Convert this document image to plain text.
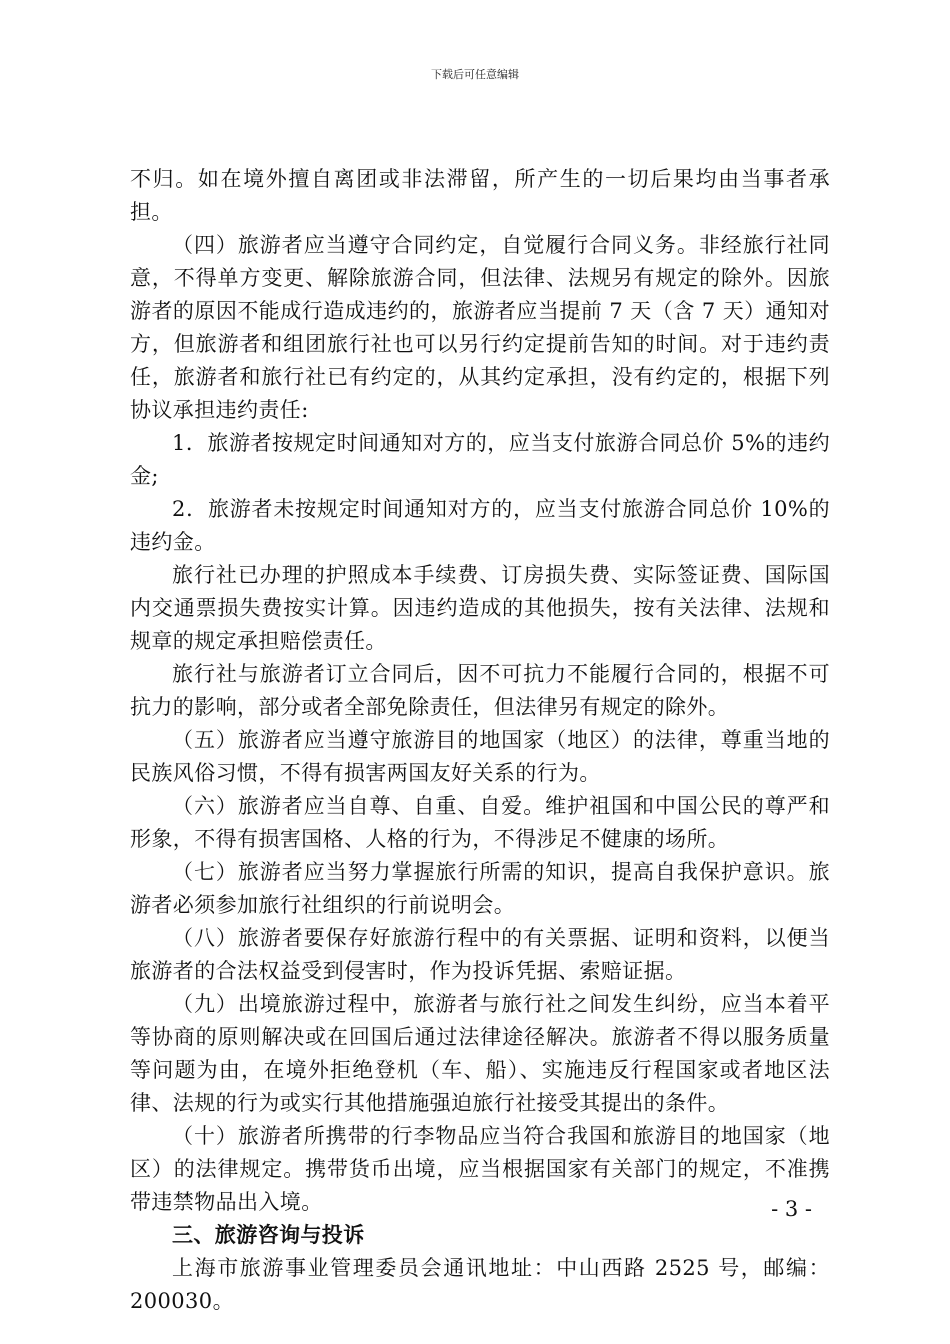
下载后可任意编辑

不归。如在境外擅自离团或非法滞留，所产生的一切后果均由当事者承担。

（四）旅游者应当遵守合同约定，自觉履行合同义务。非经旅行社同意，不得单方变更、解除旅游合同，但法律、法规另有规定的除外。因旅游者的原因不能成行造成违约的，旅游者应当提前 7 天（含 7 天）通知对方，但旅游者和组团旅行社也可以另行约定提前告知的时间。对于违约责任，旅游者和旅行社已有约定的，从其约定承担，没有约定的，根据下列协议承担违约责任:

1．旅游者按规定时间通知对方的，应当支付旅游合同总价 5%的违约金;

2．旅游者未按规定时间通知对方的，应当支付旅游合同总价 10%的违约金。

旅行社已办理的护照成本手续费、订房损失费、实际签证费、国际国内交通票损失费按实计算。因违约造成的其他损失，按有关法律、法规和规章的规定承担赔偿责任。

旅行社与旅游者订立合同后，因不可抗力不能履行合同的，根据不可抗力的影响，部分或者全部免除责任，但法律另有规定的除外。

（五）旅游者应当遵守旅游目的地国家（地区）的法律，尊重当地的民族风俗习惯，不得有损害两国友好关系的行为。

（六）旅游者应当自尊、自重、自爱。维护祖国和中国公民的尊严和形象，不得有损害国格、人格的行为，不得涉足不健康的场所。

（七）旅游者应当努力掌握旅行所需的知识，提高自我保护意识。旅游者必须参加旅行社组织的行前说明会。

（八）旅游者要保存好旅游行程中的有关票据、证明和资料，以便当旅游者的合法权益受到侵害时，作为投诉凭据、索赔证据。

（九）出境旅游过程中，旅游者与旅行社之间发生纠纷，应当本着平等协商的原则解决或在回国后通过法律途径解决。旅游者不得以服务质量等问题为由，在境外拒绝登机（车、船）、实施违反行程国家或者地区法律、法规的行为或实行其他措施强迫旅行社接受其提出的条件。

（十）旅游者所携带的行李物品应当符合我国和旅游目的地国家（地区）的法律规定。携带货币出境，应当根据国家有关部门的规定，不准携带违禁物品出入境。

三、旅游咨询与投诉

上海市旅游事业管理委员会通讯地址：中山西路 2525 号，邮编：200030。

- 3 -
